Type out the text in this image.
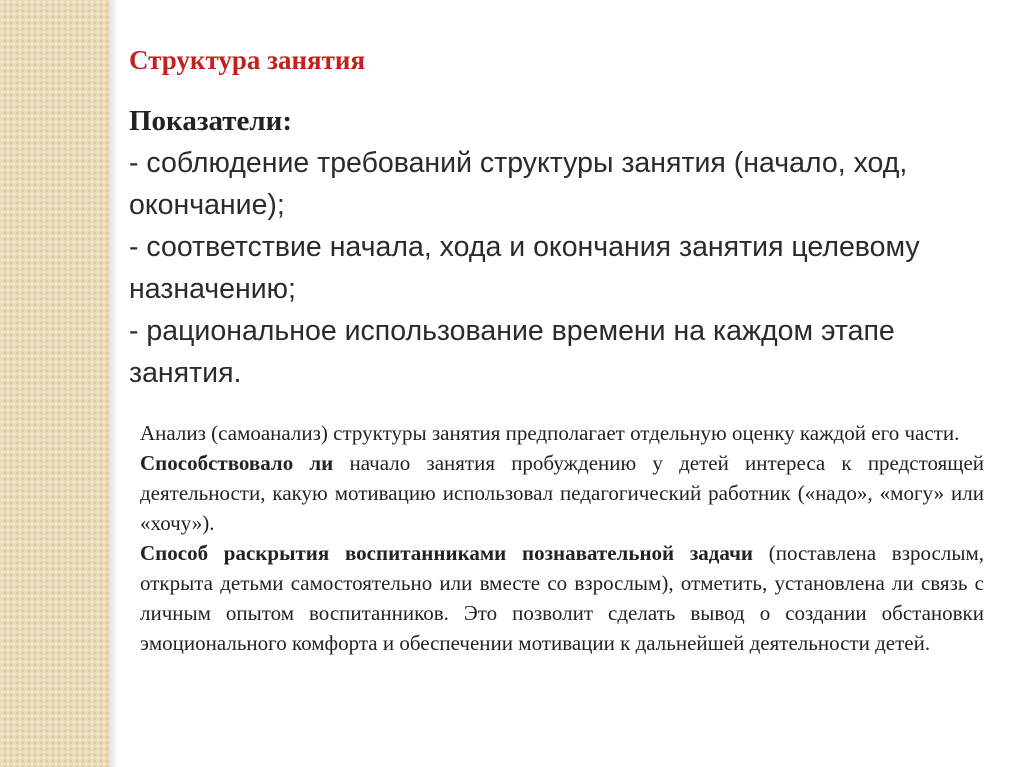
Структура занятия
Показатели:
- соблюдение требований структуры занятия (начало, ход, окончание);
- соответствие начала, хода и окончания занятия целевому назначению;
- рациональное использование времени на каждом этапе занятия.

Анализ (самоанализ) структуры занятия предполагает отдельную оценку каждой его части.

Способствовало ли начало занятия пробуждению у детей интереса к предстоящей деятельности, какую мотивацию использовал педагогический работник («надо», «могу» или «хочу»).

Способ раскрытия воспитанниками познавательной задачи (поставлена взрослым, открыта детьми самостоятельно или вместе со взрослым), отметить, установлена ли связь с личным опытом воспитанников. Это позволит сделать вывод о создании обстановки эмоционального комфорта и обеспечении мотивации к дальнейшей деятельности детей.
